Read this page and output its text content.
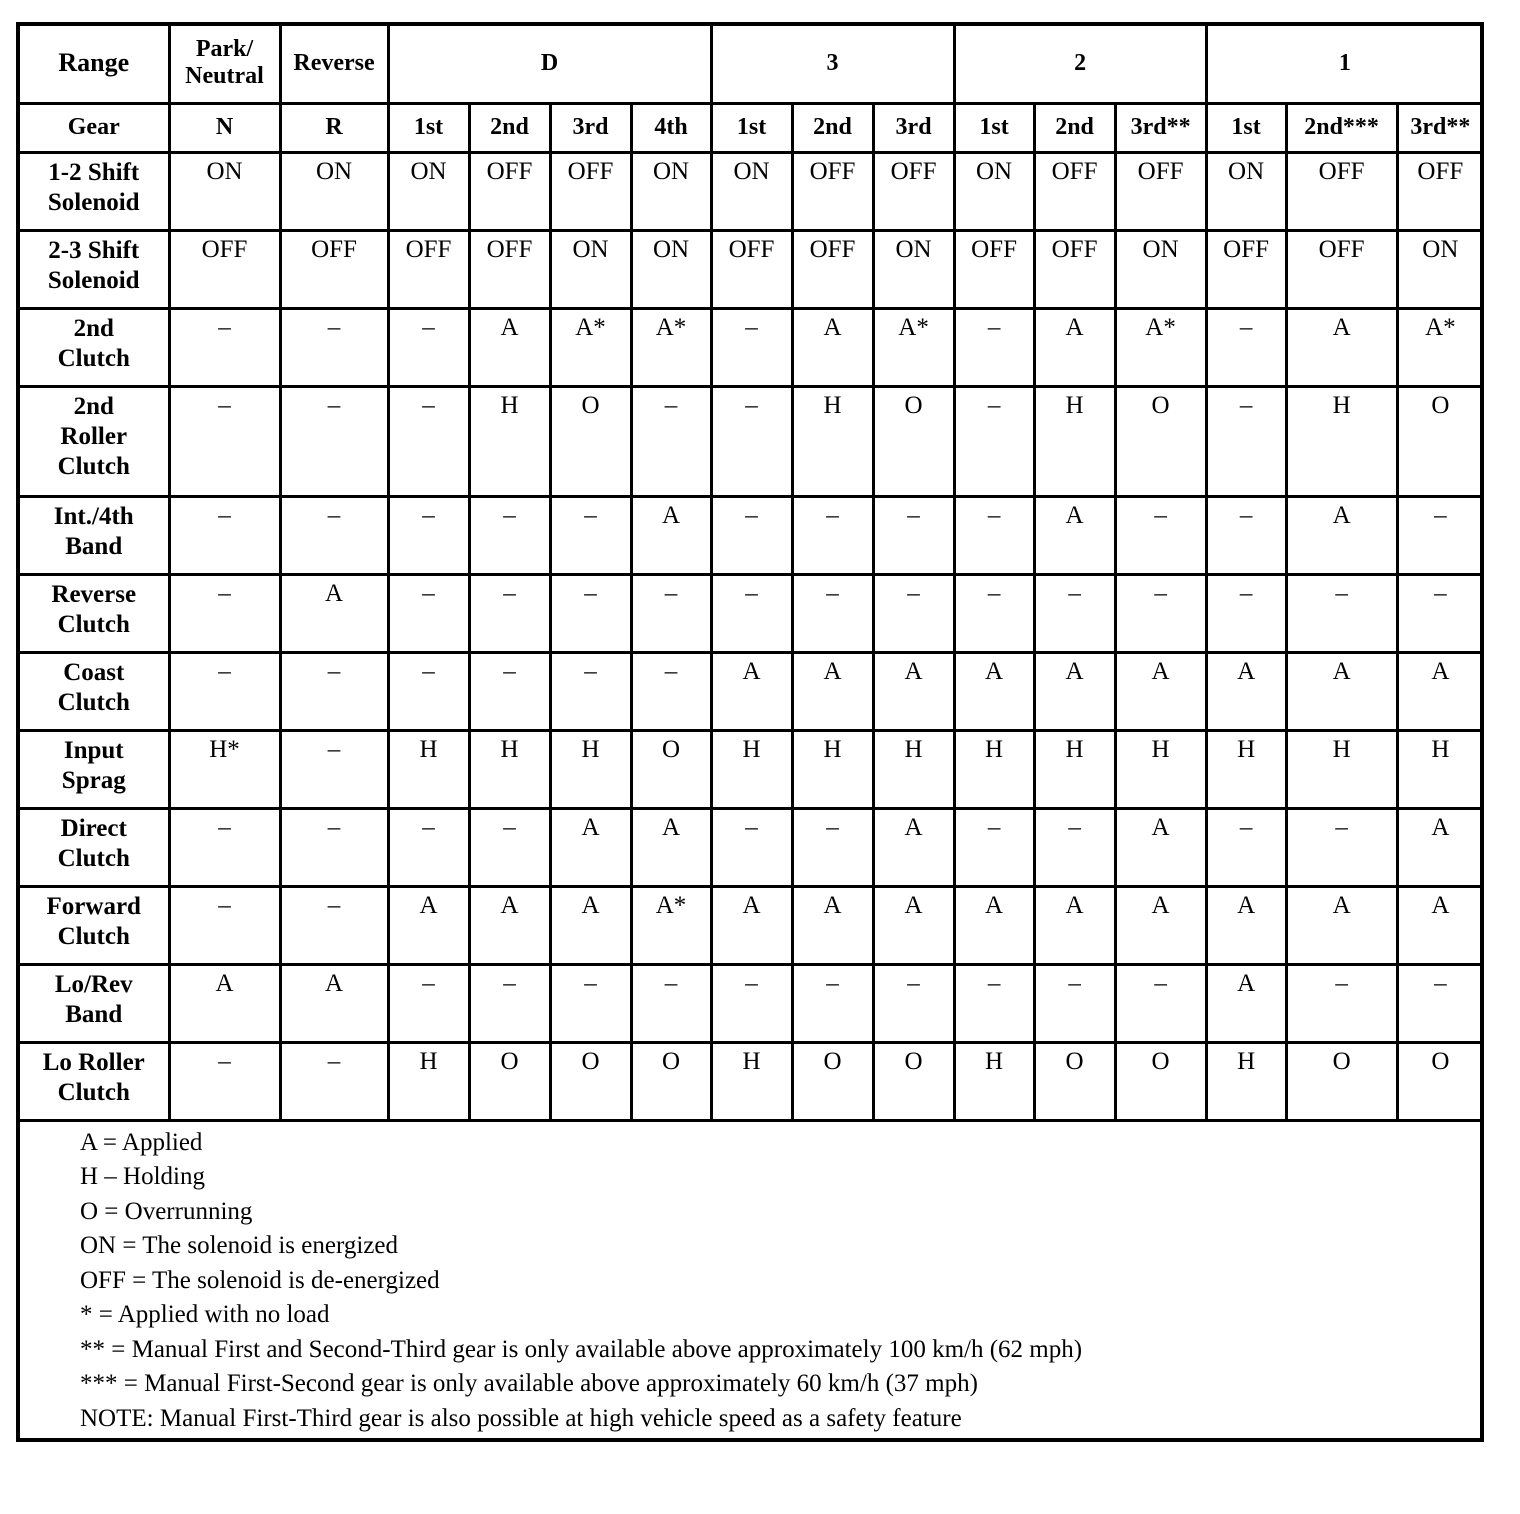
Range	Park/
Neutral	Reverse	D				3			2			1		
Gear	N	R	1st	2nd	3rd	4th	1st	2nd	3rd	1st	2nd	3rd**	1st	2nd***	3rd**
1-2 Shift
Solenoid	ON	ON	ON	OFF	OFF	ON	ON	OFF	OFF	ON	OFF	OFF	ON	OFF	OFF
2-3 Shift
Solenoid	OFF	OFF	OFF	OFF	ON	ON	OFF	OFF	ON	OFF	OFF	ON	OFF	OFF	ON
2nd
Clutch	–	–	–	A	A*	A*	–	A	A*	–	A	A*	–	A	A*
2nd
Roller
Clutch	–	–	–	H	O	–	–	H	O	–	H	O	–	H	O
Int./4th
Band	–	–	–	–	–	A	–	–	–	–	A	–	–	A	–
Reverse
Clutch	–	A	–	–	–	–	–	–	–	–	–	–	–	–	–
Coast
Clutch	–	–	–	–	–	–	A	A	A	A	A	A	A	A	A
Input
Sprag	H*	–	H	H	H	O	H	H	H	H	H	H	H	H	H
Direct
Clutch	–	–	–	–	A	A	–	–	A	–	–	A	–	–	A
Forward
Clutch	–	–	A	A	A	A*	A	A	A	A	A	A	A	A	A
Lo/Rev
Band	A	A	–	–	–	–	–	–	–	–	–	–	A	–	–
Lo Roller
Clutch	–	–	H	O	O	O	H	O	O	H	O	O	H	O	O
A = Applied
H – Holding
O = Overrunning
ON = The solenoid is energized
OFF = The solenoid is de-energized
* = Applied with no load
** = Manual First and Second-Third gear is only available above approximately 100 km/h (62 mph)
*** = Manual First-Second gear is only available above approximately 60 km/h (37 mph)
NOTE: Manual First-Third gear is also possible at high vehicle speed as a safety feature
